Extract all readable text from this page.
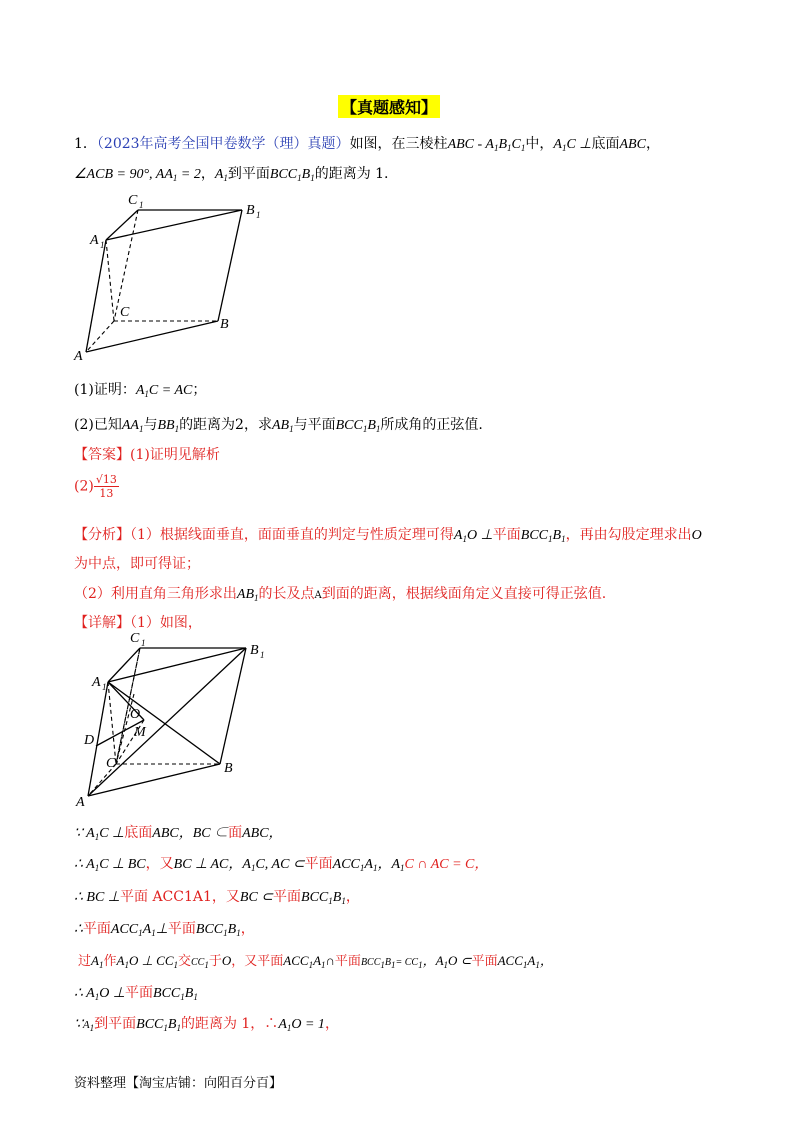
【真题感知】
1．（2023年高考全国甲卷数学（理）真题）如图，在三棱柱ABC - $A_1B_1C_1$中，$A_1C$ ⊥底面ABC，
∠ACB = 90°, $AA_1 = 2$，$A_1$到平面$BCC_1B_1$的距离为 1.
C 1	B 1
A 1
C
B
A
(1)证明：$A_1C$ = AC；
(2)已知$AA_1$与$BB_1$的距离为2，求$AB_1$与平面$BCC_1B_1$所成角的正弦值.
【答案】(1)证明见解析
$(2) \frac{√13}{13}$
【分析】（1）根据线面垂直，面面垂直的判定与性质定理可得$A_1O$ ⊥平面$BCC_1B_1$，再由勾股定理求出O
为中点，即可得证；
（2）利用直角三角形求出$AB_1$的长及点A到面的距离，根据线面角定义直接可得正弦值.
【详解】（1）如图，
C 1	B 1
A 1
O
M
D
C	B
A
∵ $A_1C$ ⊥底面ABC，BC ⊂面ABC，
∴ $A_1C$ ⊥ BC，又BC ⊥ AC，$A_1C$, AC ⊂平面$ACC_1A_1$，$A_1C$ ∩ AC = C，
∴ BC ⊥平面 ACC1A1，又BC ⊂平面$BCC_1B_1$，
∴平面$ACC_1A_1\perp$平面$BCC_1B_1$，
过$A_1$作$A_1O$ ⊥ $CC_1$交$CC_1$于O，又平面$ACC_1A_1\cap$平面$BCC_1B_1= CC_1$，$A_1O$ ⊂平面$ACC_1A_1$，
∴ $A_1O$ ⊥平面$BCC_1B_1$
$\because A_1$到平面$BCC_1B_1$的距离为 1，$\therefore A_1O = 1$，
资料整理【淘宝店铺：向阳百分百】
